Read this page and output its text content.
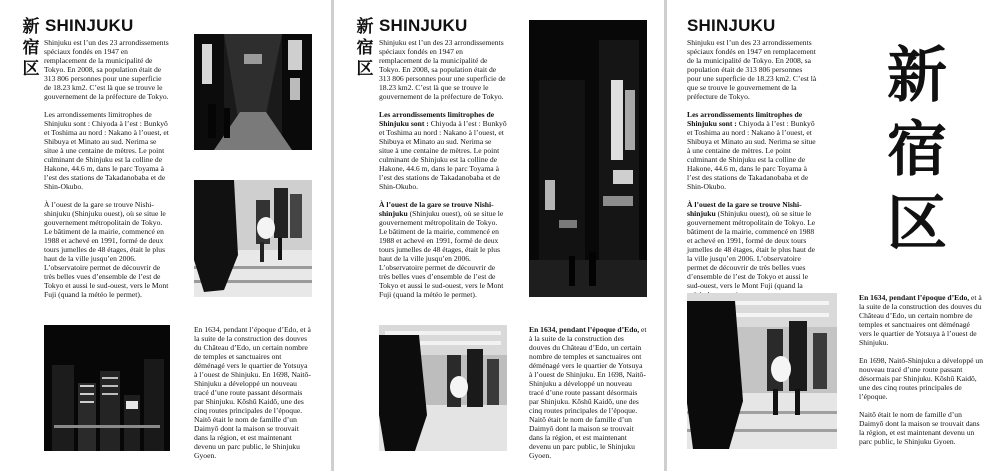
新
宿
区
SHINJUKU

Shinjuku est l’un des 23 arrondissements spéciaux fondés en 1947 en remplacement de la municipalité de Tokyo. En 2008, sa population était de 313 806 personnes pour une superficie de 18.23 km2. C’est là que se trouve le gouvernement de la préfecture de Tokyo.

Les arrondissements limitrophes de Shinjuku sont : Chiyoda à l’est : Bunkyō et Toshima au nord : Nakano à l’ouest, et Shibuya et Minato au sud. Nerima se situe à une centaine de mètres. Le point culminant de Shinjuku est la colline de Hakone, 44.6 m, dans le parc Toyama à l’est des stations de Takadanobaba et de Shin-Okubo.

À l’ouest de la gare se trouve Nishi-shinjuku (Shinjuku ouest), où se situe le gouvernement métropolitain de Tokyo. Le bâtiment de la mairie, commencé en 1988 et achevé en 1991, formé de deux tours jumelles de 48 étages, était le plus haut de la ville jusqu’en 2006. L’observatoire permet de découvrir de très belles vues d’ensemble de l’est de Tokyo et aussi le sud-ouest, vers le Mont Fuji (quand la météo le permet).

En 1634, pendant l’époque d’Edo, et à la suite de la construction des douves du Château d’Edo, un certain nombre de temples et sanctuaires ont déménagé vers le quartier de Yotsuya à l’ouest de Shinjuku. En 1698, Naitō-Shinjuku a développé un nouveau tracé d’une route passant désormais par Shinjuku. Kōshū Kaidō, une des cinq routes principales de l’époque. Naitō était le nom de famille d’un Daimyō dont la maison se trouvait dans la région, et est maintenant devenu un parc public, le Shinjuku Gyoen.

新
宿
区
SHINJUKU

Shinjuku est l’un des 23 arrondissements spéciaux fondés en 1947 en remplacement de la municipalité de Tokyo. En 2008, sa population était de 313 806 personnes pour une superficie de 18.23 km2. C’est là que se trouve le gouvernement de la préfecture de Tokyo.

Les arrondissements limitrophes de Shinjuku sont : Chiyoda à l’est : Bunkyō et Toshima au nord : Nakano à l’ouest, et Shibuya et Minato au sud. Nerima se situe à une centaine de mètres. Le point culminant de Shinjuku est la colline de Hakone, 44.6 m, dans le parc Toyama à l’est des stations de Takadanobaba et de Shin-Okubo.

À l’ouest de la gare se trouve Nishi-shinjuku (Shinjuku ouest), où se situe le gouvernement métropolitain de Tokyo. Le bâtiment de la mairie, commencé en 1988 et achevé en 1991, formé de deux tours jumelles de 48 étages, était le plus haut de la ville jusqu’en 2006. L’observatoire permet de découvrir de très belles vues d’ensemble de l’est de Tokyo et aussi le sud-ouest, vers le Mont Fuji (quand la météo le permet).

En 1634, pendant l’époque d’Edo, et à la suite de la construction des douves du Château d’Edo, un certain nombre de temples et sanctuaires ont déménagé vers le quartier de Yotsuya à l’ouest de Shinjuku. En 1698, Naitō-Shinjuku a développé un nouveau tracé d’une route passant désormais par Shinjuku. Kōshū Kaidō, une des cinq routes principales de l’époque. Naitō était le nom de famille d’un Daimyō dont la maison se trouvait dans la région, et est maintenant devenu un parc public, le Shinjuku Gyoen.

SHINJUKU

Shinjuku est l’un des 23 arrondissements spéciaux fondés en 1947 en remplacement de la municipalité de Tokyo. En 2008, sa population était de 313 806 personnes pour une superficie de 18.23 km2. C’est là que se trouve le gouvernement de la préfecture de Tokyo.

Les arrondissements limitrophes de Shinjuku sont : Chiyoda à l’est : Bunkyō et Toshima au nord : Nakano à l’ouest, et Shibuya et Minato au sud. Nerima se situe à une centaine de mètres. Le point culminant de Shinjuku est la colline de Hakone, 44.6 m, dans le parc Toyama à l’est des stations de Takadanobaba et de Shin-Okubo.

À l’ouest de la gare se trouve Nishi-shinjuku (Shinjuku ouest), où se situe le gouvernement métropolitain de Tokyo. Le bâtiment de la mairie, commencé en 1988 et achevé en 1991, formé de deux tours jumelles de 48 étages, était le plus haut de la ville jusqu’en 2006. L’observatoire permet de découvrir de très belles vues d’ensemble de l’est de Tokyo et aussi le sud-ouest, vers le Mont Fuji (quand la

新
宿
区

En 1634, pendant l’époque d’Edo, et à la suite de la construction des douves du Château d’Edo, un certain nombre de temples et sanctuaires ont déménagé vers le quartier de Yotsuya à l’ouest de Shinjuku.

En 1698, Naitō-Shinjuku a développé un nouveau tracé d’une route passant désormais par Shinjuku. Kōshū Kaidō, une des cinq routes principales de l’époque.

Naitō était le nom de famille d’un Daimyō dont la maison se trouvait dans la région, et est maintenant devenu un parc public, le Shinjuku Gyoen.
